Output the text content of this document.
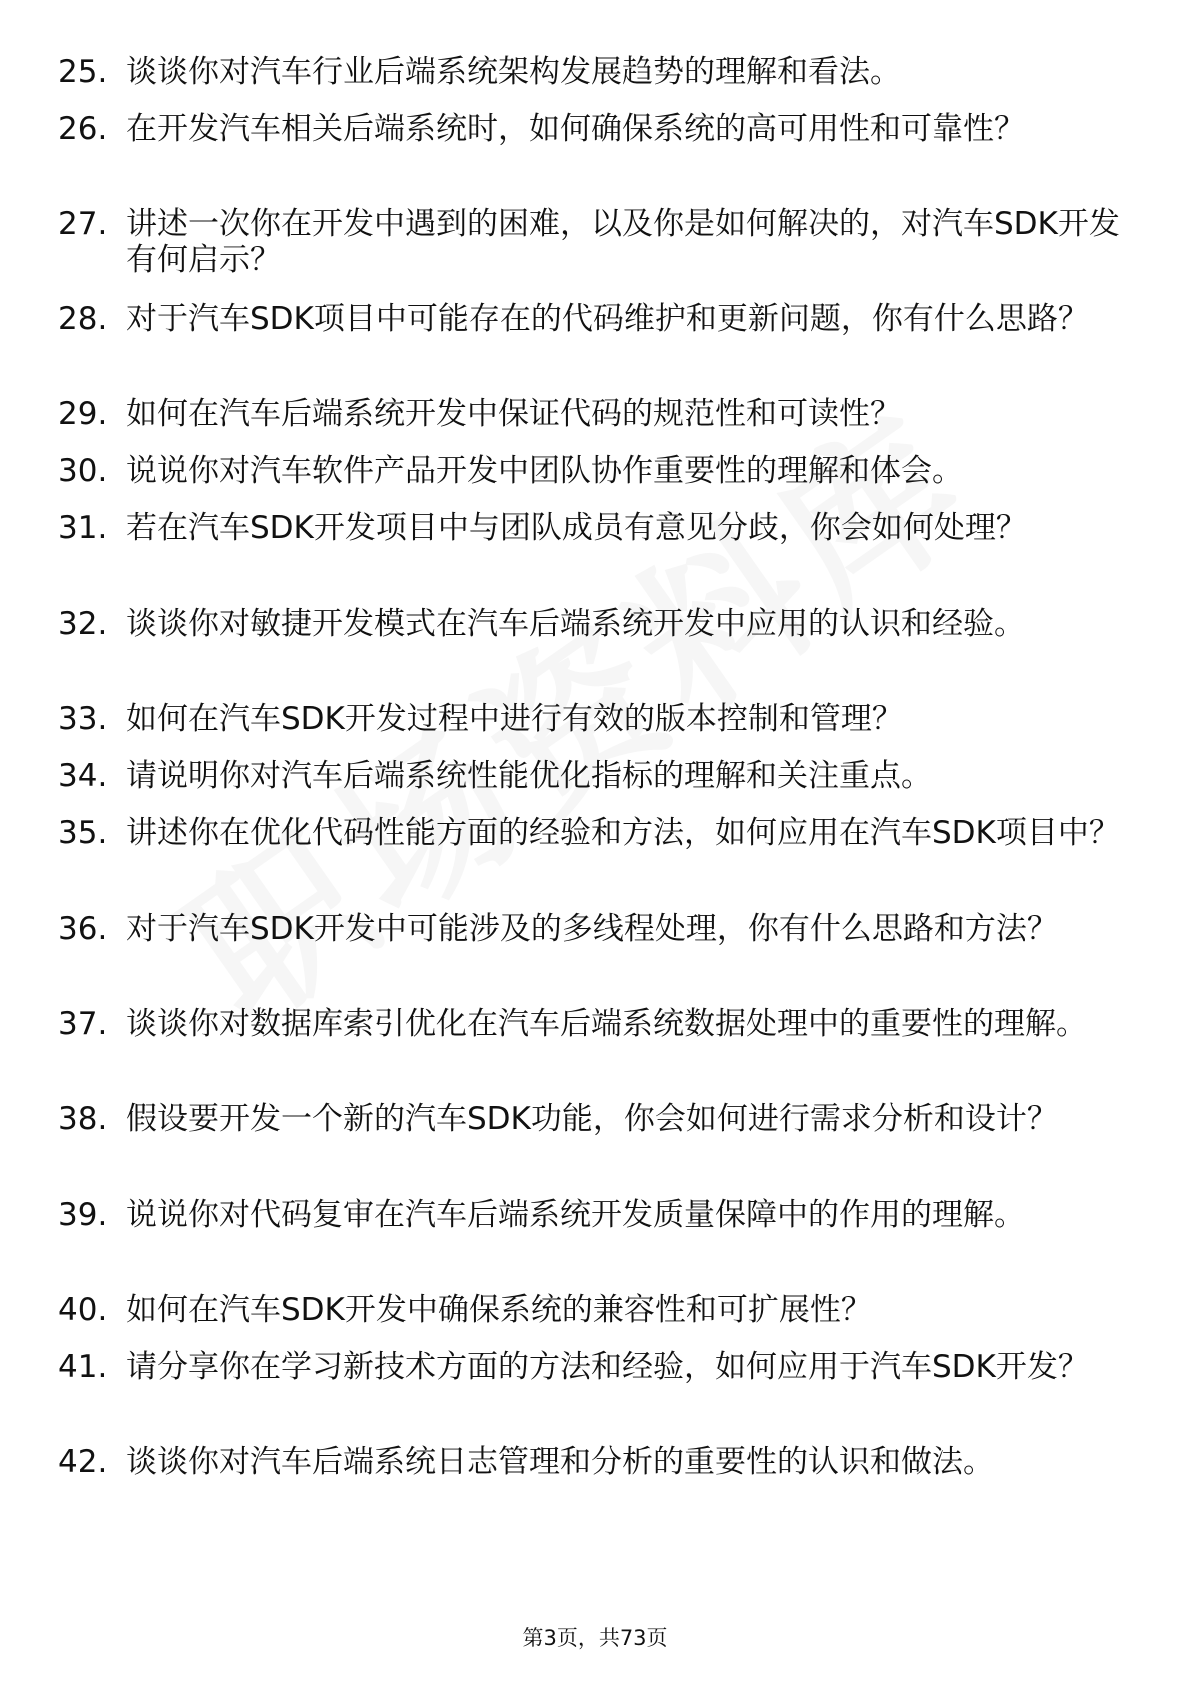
25. 谈谈你对汽车行业后端系统架构发展趋势的理解和看法。
26. 在开发汽车相关后端系统时，如何确保系统的高可用性和可靠性？
27. 讲述一次你在开发中遇到的困难，以及你是如何解决的，对汽车SDK开发有何启示？
28. 对于汽车SDK项目中可能存在的代码维护和更新问题，你有什么思路？
29. 如何在汽车后端系统开发中保证代码的规范性和可读性？
30. 说说你对汽车软件产品开发中团队协作重要性的理解和体会。
31. 若在汽车SDK开发项目中与团队成员有意见分歧，你会如何处理？
32. 谈谈你对敏捷开发模式在汽车后端系统开发中应用的认识和经验。
33. 如何在汽车SDK开发过程中进行有效的版本控制和管理？
34. 请说明你对汽车后端系统性能优化指标的理解和关注重点。
35. 讲述你在优化代码性能方面的经验和方法，如何应用在汽车SDK项目中？
36. 对于汽车SDK开发中可能涉及的多线程处理，你有什么思路和方法？
37. 谈谈你对数据库索引优化在汽车后端系统数据处理中的重要性的理解。
38. 假设要开发一个新的汽车SDK功能，你会如何进行需求分析和设计？
39. 说说你对代码复审在汽车后端系统开发质量保障中的作用的理解。
40. 如何在汽车SDK开发中确保系统的兼容性和可扩展性？
41. 请分享你在学习新技术方面的方法和经验，如何应用于汽车SDK开发？
42. 谈谈你对汽车后端系统日志管理和分析的重要性的认识和做法。
第3页，共73页
